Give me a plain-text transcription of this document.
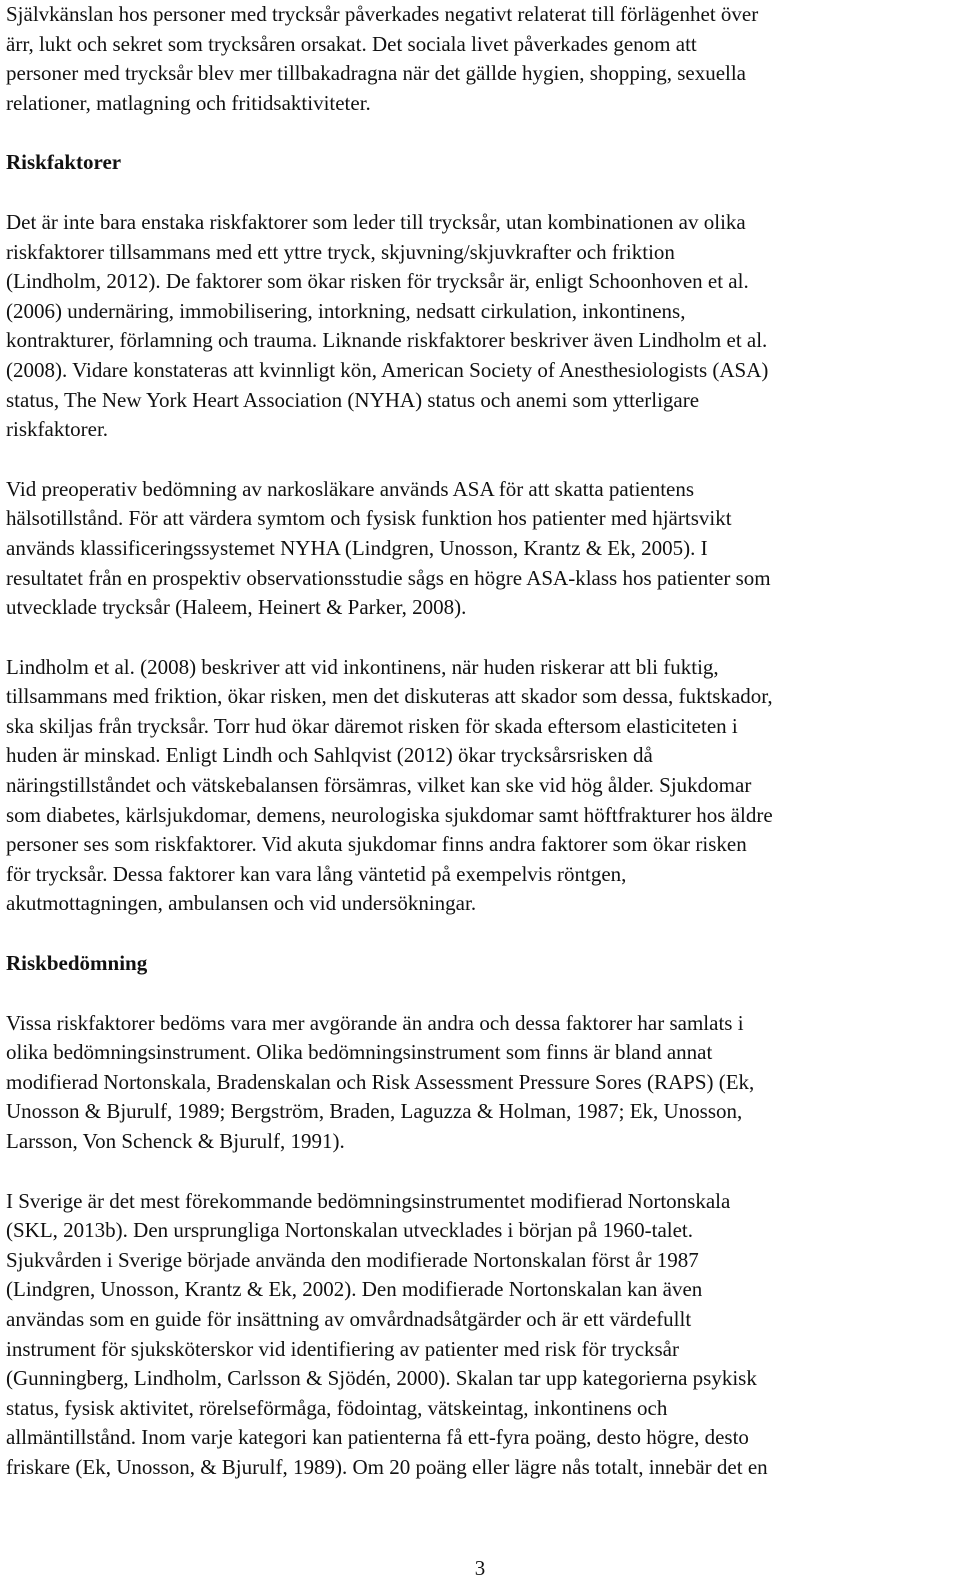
Självkänslan hos personer med trycksår påverkades negativt relaterat till förlägenhet över
ärr, lukt och sekret som trycksåren orsakat. Det sociala livet påverkades genom att
personer med trycksår blev mer tillbakadragna när det gällde hygien, shopping, sexuella
relationer, matlagning och fritidsaktiviteter.

Riskfaktorer

Det är inte bara enstaka riskfaktorer som leder till trycksår, utan kombinationen av olika
riskfaktorer tillsammans med ett yttre tryck, skjuvning/skjuvkrafter och friktion
(Lindholm, 2012). De faktorer som ökar risken för trycksår är, enligt Schoonhoven et al.
(2006) undernäring, immobilisering, intorkning, nedsatt cirkulation, inkontinens,
kontrakturer, förlamning och trauma. Liknande riskfaktorer beskriver även Lindholm et al.
(2008). Vidare konstateras att kvinnligt kön, American Society of Anesthesiologists (ASA)
status, The New York Heart Association (NYHA) status och anemi som ytterligare
riskfaktorer.

Vid preoperativ bedömning av narkosläkare används ASA för att skatta patientens
hälsotillstånd. För att värdera symtom och fysisk funktion hos patienter med hjärtsvikt
används klassificeringssystemet NYHA (Lindgren, Unosson, Krantz & Ek, 2005). I
resultatet från en prospektiv observationsstudie sågs en högre ASA-klass hos patienter som
utvecklade trycksår (Haleem, Heinert & Parker, 2008).

Lindholm et al. (2008) beskriver att vid inkontinens, när huden riskerar att bli fuktig,
tillsammans med friktion, ökar risken, men det diskuteras att skador som dessa, fuktskador,
ska skiljas från trycksår. Torr hud ökar däremot risken för skada eftersom elasticiteten i
huden är minskad. Enligt Lindh och Sahlqvist (2012) ökar trycksårsrisken då
näringstillståndet och vätskebalansen försämras, vilket kan ske vid hög ålder. Sjukdomar
som diabetes, kärlsjukdomar, demens, neurologiska sjukdomar samt höftfrakturer hos äldre
personer ses som riskfaktorer. Vid akuta sjukdomar finns andra faktorer som ökar risken
för trycksår. Dessa faktorer kan vara lång väntetid på exempelvis röntgen,
akutmottagningen, ambulansen och vid undersökningar.

Riskbedömning

Vissa riskfaktorer bedöms vara mer avgörande än andra och dessa faktorer har samlats i
olika bedömningsinstrument. Olika bedömningsinstrument som finns är bland annat
modifierad Nortonskala, Bradenskalan och Risk Assessment Pressure Sores (RAPS) (Ek,
Unosson & Bjurulf, 1989; Bergström, Braden, Laguzza & Holman, 1987; Ek, Unosson,
Larsson, Von Schenck & Bjurulf, 1991).

I Sverige är det mest förekommande bedömningsinstrumentet modifierad Nortonskala
(SKL, 2013b). Den ursprungliga Nortonskalan utvecklades i början på 1960-talet.
Sjukvården i Sverige började använda den modifierade Nortonskalan först år 1987
(Lindgren, Unosson, Krantz & Ek, 2002). Den modifierade Nortonskalan kan även
användas som en guide för insättning av omvårdnadsåtgärder och är ett värdefullt
instrument för sjuksköterskor vid identifiering av patienter med risk för trycksår
(Gunningberg, Lindholm, Carlsson & Sjödén, 2000). Skalan tar upp kategorierna psykisk
status, fysisk aktivitet, rörelseförmåga, födointag, vätskeintag, inkontinens och
allmäntillstånd. Inom varje kategori kan patienterna få ett-fyra poäng, desto högre, desto
friskare (Ek, Unosson, & Bjurulf, 1989). Om 20 poäng eller lägre nås totalt, innebär det en

3
